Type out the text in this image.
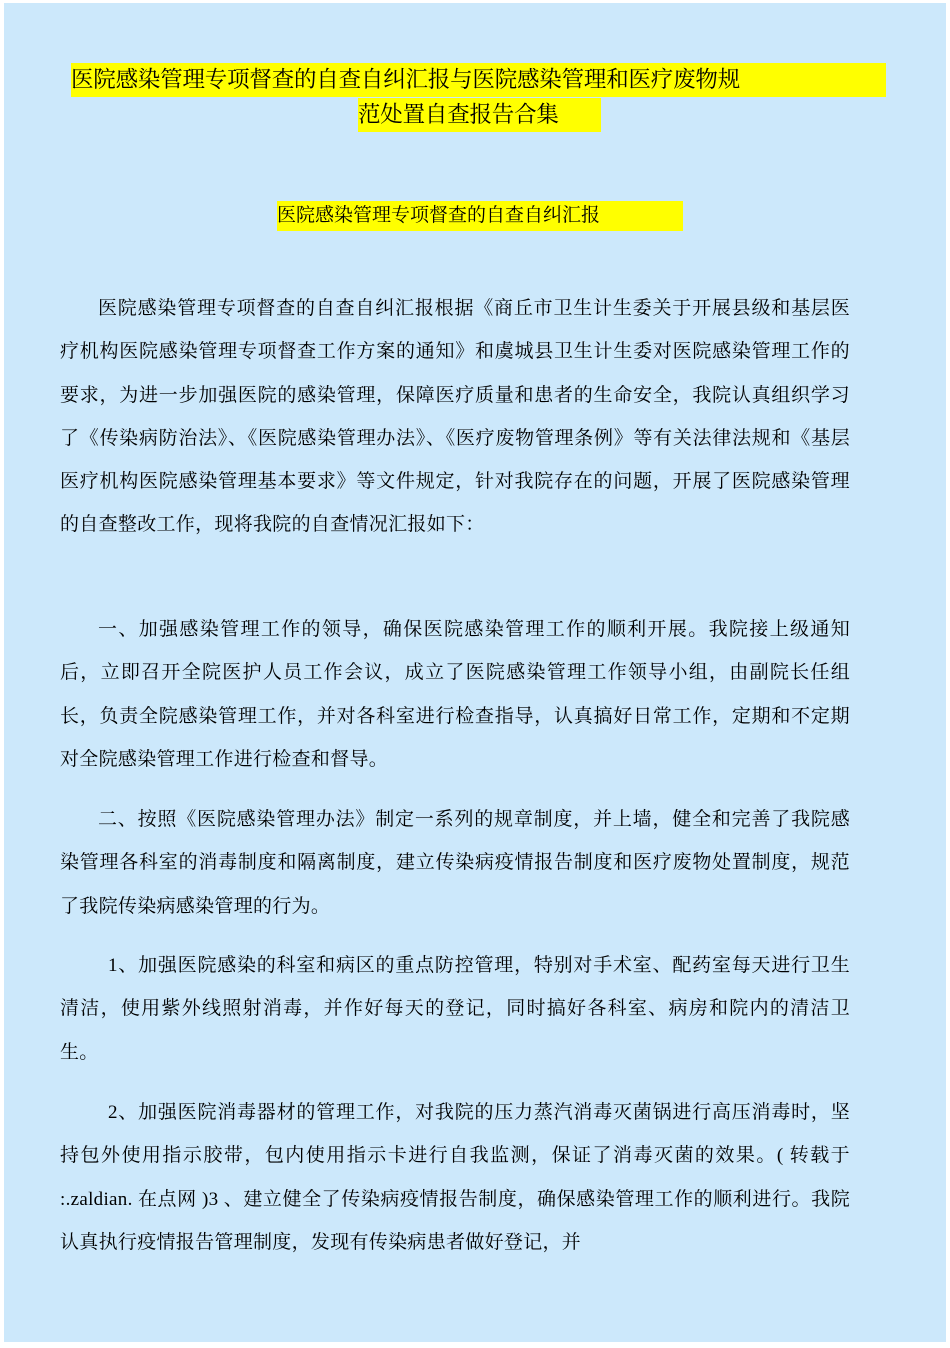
医院感染管理专项督查的自查自纠汇报与医院感染管理和医疗废物规
范处置自查报告合集
医院感染管理专项督查的自查自纠汇报

医院感染管理专项督查的自查自纠汇报根据《商丘市卫生计生委关于开展县级和基层医疗机构医院感染管理专项督查工作方案的通知》和虞城县卫生计生委对医院感染管理工作的要求，为进一步加强医院的感染管理，保障医疗质量和患者的生命安全，我院认真组织学习了《传染病防治法》、《医院感染管理办法》、《医疗废物管理条例》等有关法律法规和《基层医疗机构医院感染管理基本要求》等文件规定，针对我院存在的问题，开展了医院感染管理的自查整改工作，现将我院的自查情况汇报如下：

一、加强感染管理工作的领导，确保医院感染管理工作的顺利开展。我院接上级通知后，立即召开全院医护人员工作会议，成立了医院感染管理工作领导小组，由副院长任组长，负责全院感染管理工作，并对各科室进行检查指导，认真搞好日常工作，定期和不定期对全院感染管理工作进行检查和督导。

二、按照《医院感染管理办法》制定一系列的规章制度，并上墙，健全和完善了我院感染管理各科室的消毒制度和隔离制度，建立传染病疫情报告制度和医疗废物处置制度，规范了我院传染病感染管理的行为。

1、加强医院感染的科室和病区的重点防控管理，特别对手术室、配药室每天进行卫生清洁，使用紫外线照射消毒，并作好每天的登记，同时搞好各科室、病房和院内的清洁卫生。

2、加强医院消毒器材的管理工作，对我院的压力蒸汽消毒灭菌锅进行高压消毒时，坚持包外使用指示胶带，包内使用指示卡进行自我监测，保证了消毒灭菌的效果。( 转载于 :.zaldian. 在点网 )3 、建立健全了传染病疫情报告制度，确保感染管理工作的顺利进行。我院认真执行疫情报告管理制度，发现有传染病患者做好登记，并
